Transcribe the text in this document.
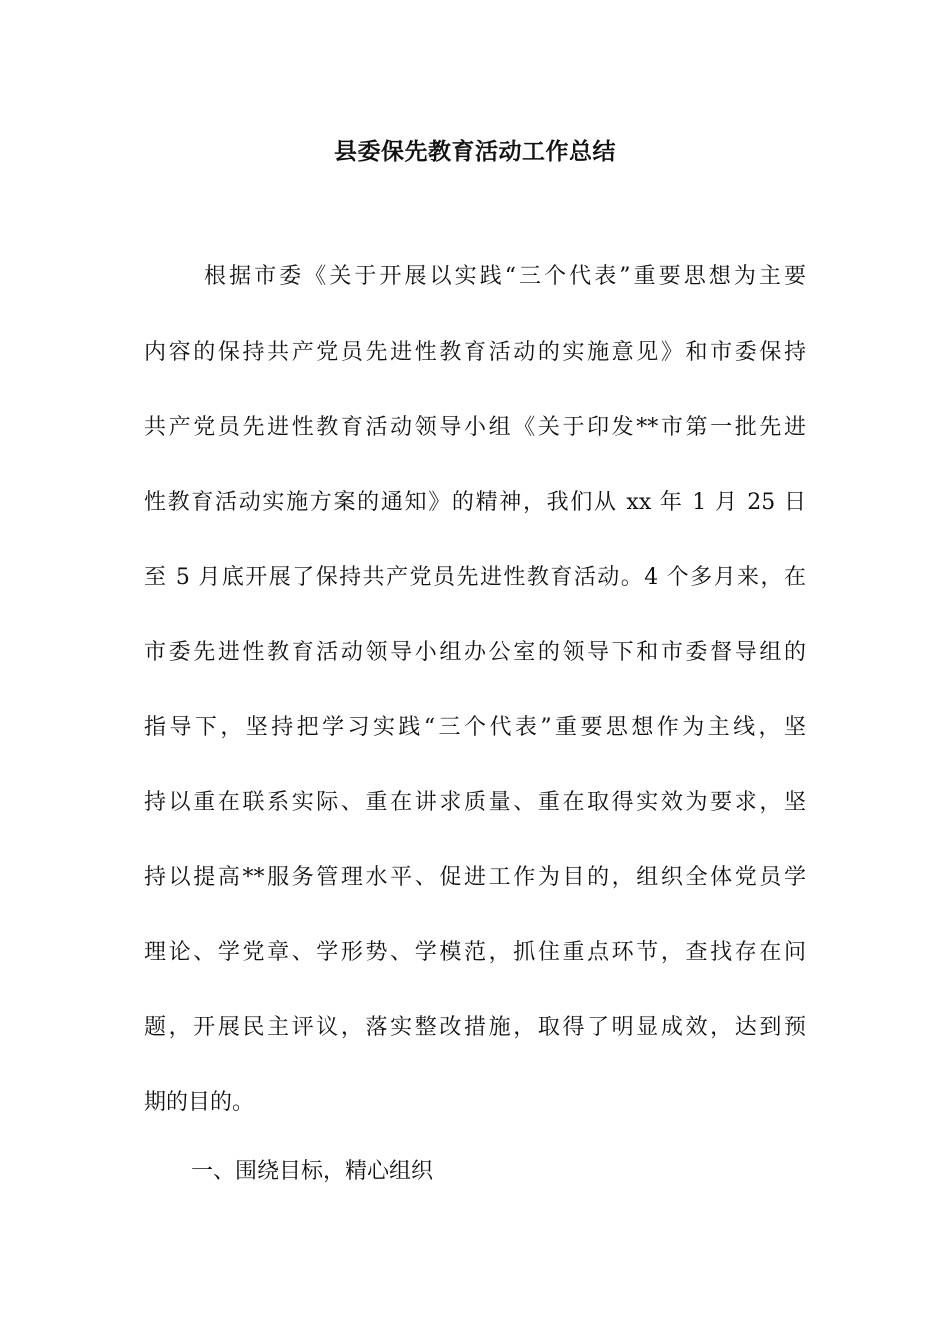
县委保先教育活动工作总结
根据市委《关于开展以实践“三个代表”重要思想为主要
内容的保持共产党员先进性教育活动的实施意见》和市委保持
共产党员先进性教育活动领导小组《关于印发**市第一批先进
性教育活动实施方案的通知》的精神，我们从 xx 年 1 月 25 日
至 5 月底开展了保持共产党员先进性教育活动。4 个多月来，在
市委先进性教育活动领导小组办公室的领导下和市委督导组的
指导下，坚持把学习实践“三个代表”重要思想作为主线，坚
持以重在联系实际、重在讲求质量、重在取得实效为要求，坚
持以提高**服务管理水平、促进工作为目的，组织全体党员学
理论、学党章、学形势、学模范，抓住重点环节，查找存在问
题，开展民主评议，落实整改措施，取得了明显成效，达到预
期的目的。
一、围绕目标，精心组织
